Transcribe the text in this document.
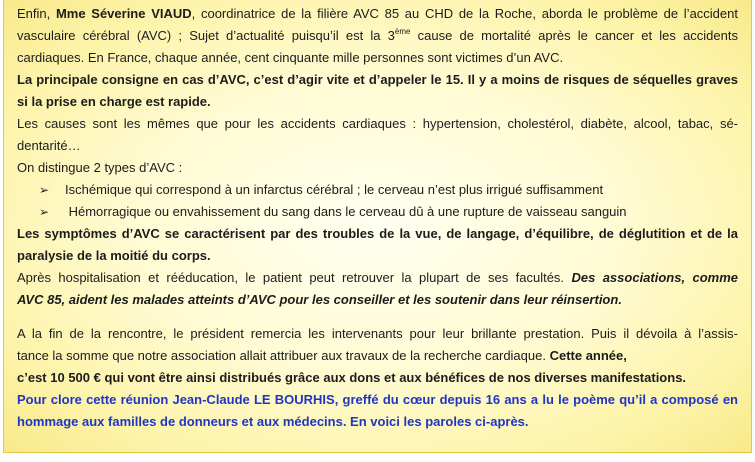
Enfin, Mme Séverine VIAUD, coordinatrice de la filière AVC 85 au CHD de la Roche, aborda le problème de l’accident
vasculaire cérébral (AVC) ; Sujet d’actualité puisqu’il est la 3ème cause de mortalité après le cancer et les accidents
cardiaques. En France, chaque année, cent cinquante mille personnes sont victimes d’un AVC.
La principale consigne en cas d’AVC, c’est d’agir vite et d’appeler le 15. Il y a moins de risques de séquelles graves
si la prise en charge est rapide.
Les causes sont les mêmes que pour les accidents cardiaques : hypertension, cholestérol, diabète, alcool, tabac, sé-
dentarité…
On distingue 2 types d’AVC :
➢ Ischémique qui correspond à un infarctus cérébral ; le cerveau n’est plus irrigué suffisamment
➢ Hémorragique ou envahissement du sang dans le cerveau dû à une rupture de vaisseau sanguin
Les symptômes d’AVC se caractérisent par des troubles de la vue, de langage, d’équilibre, de déglutition et de la
paralysie de la moitié du corps.
Après hospitalisation et rééducation, le patient peut retrouver la plupart de ses facultés. Des associations, comme
AVC 85, aident les malades atteints d’AVC pour les conseiller et les soutenir dans leur réinsertion.
A la fin de la rencontre, le président remercia les intervenants pour leur brillante prestation. Puis il dévoila à l’assis-
tance la somme que notre association allait attribuer aux travaux de la recherche cardiaque. Cette année,
c’est 10 500 € qui vont être ainsi distribués grâce aux dons et aux bénéfices de nos diverses manifestations.
Pour clore cette réunion Jean-Claude LE BOURHIS, greffé du cœur depuis 16 ans a lu le poème qu’il a composé en
hommage aux familles de donneurs et aux médecins. En voici les paroles ci-après.
